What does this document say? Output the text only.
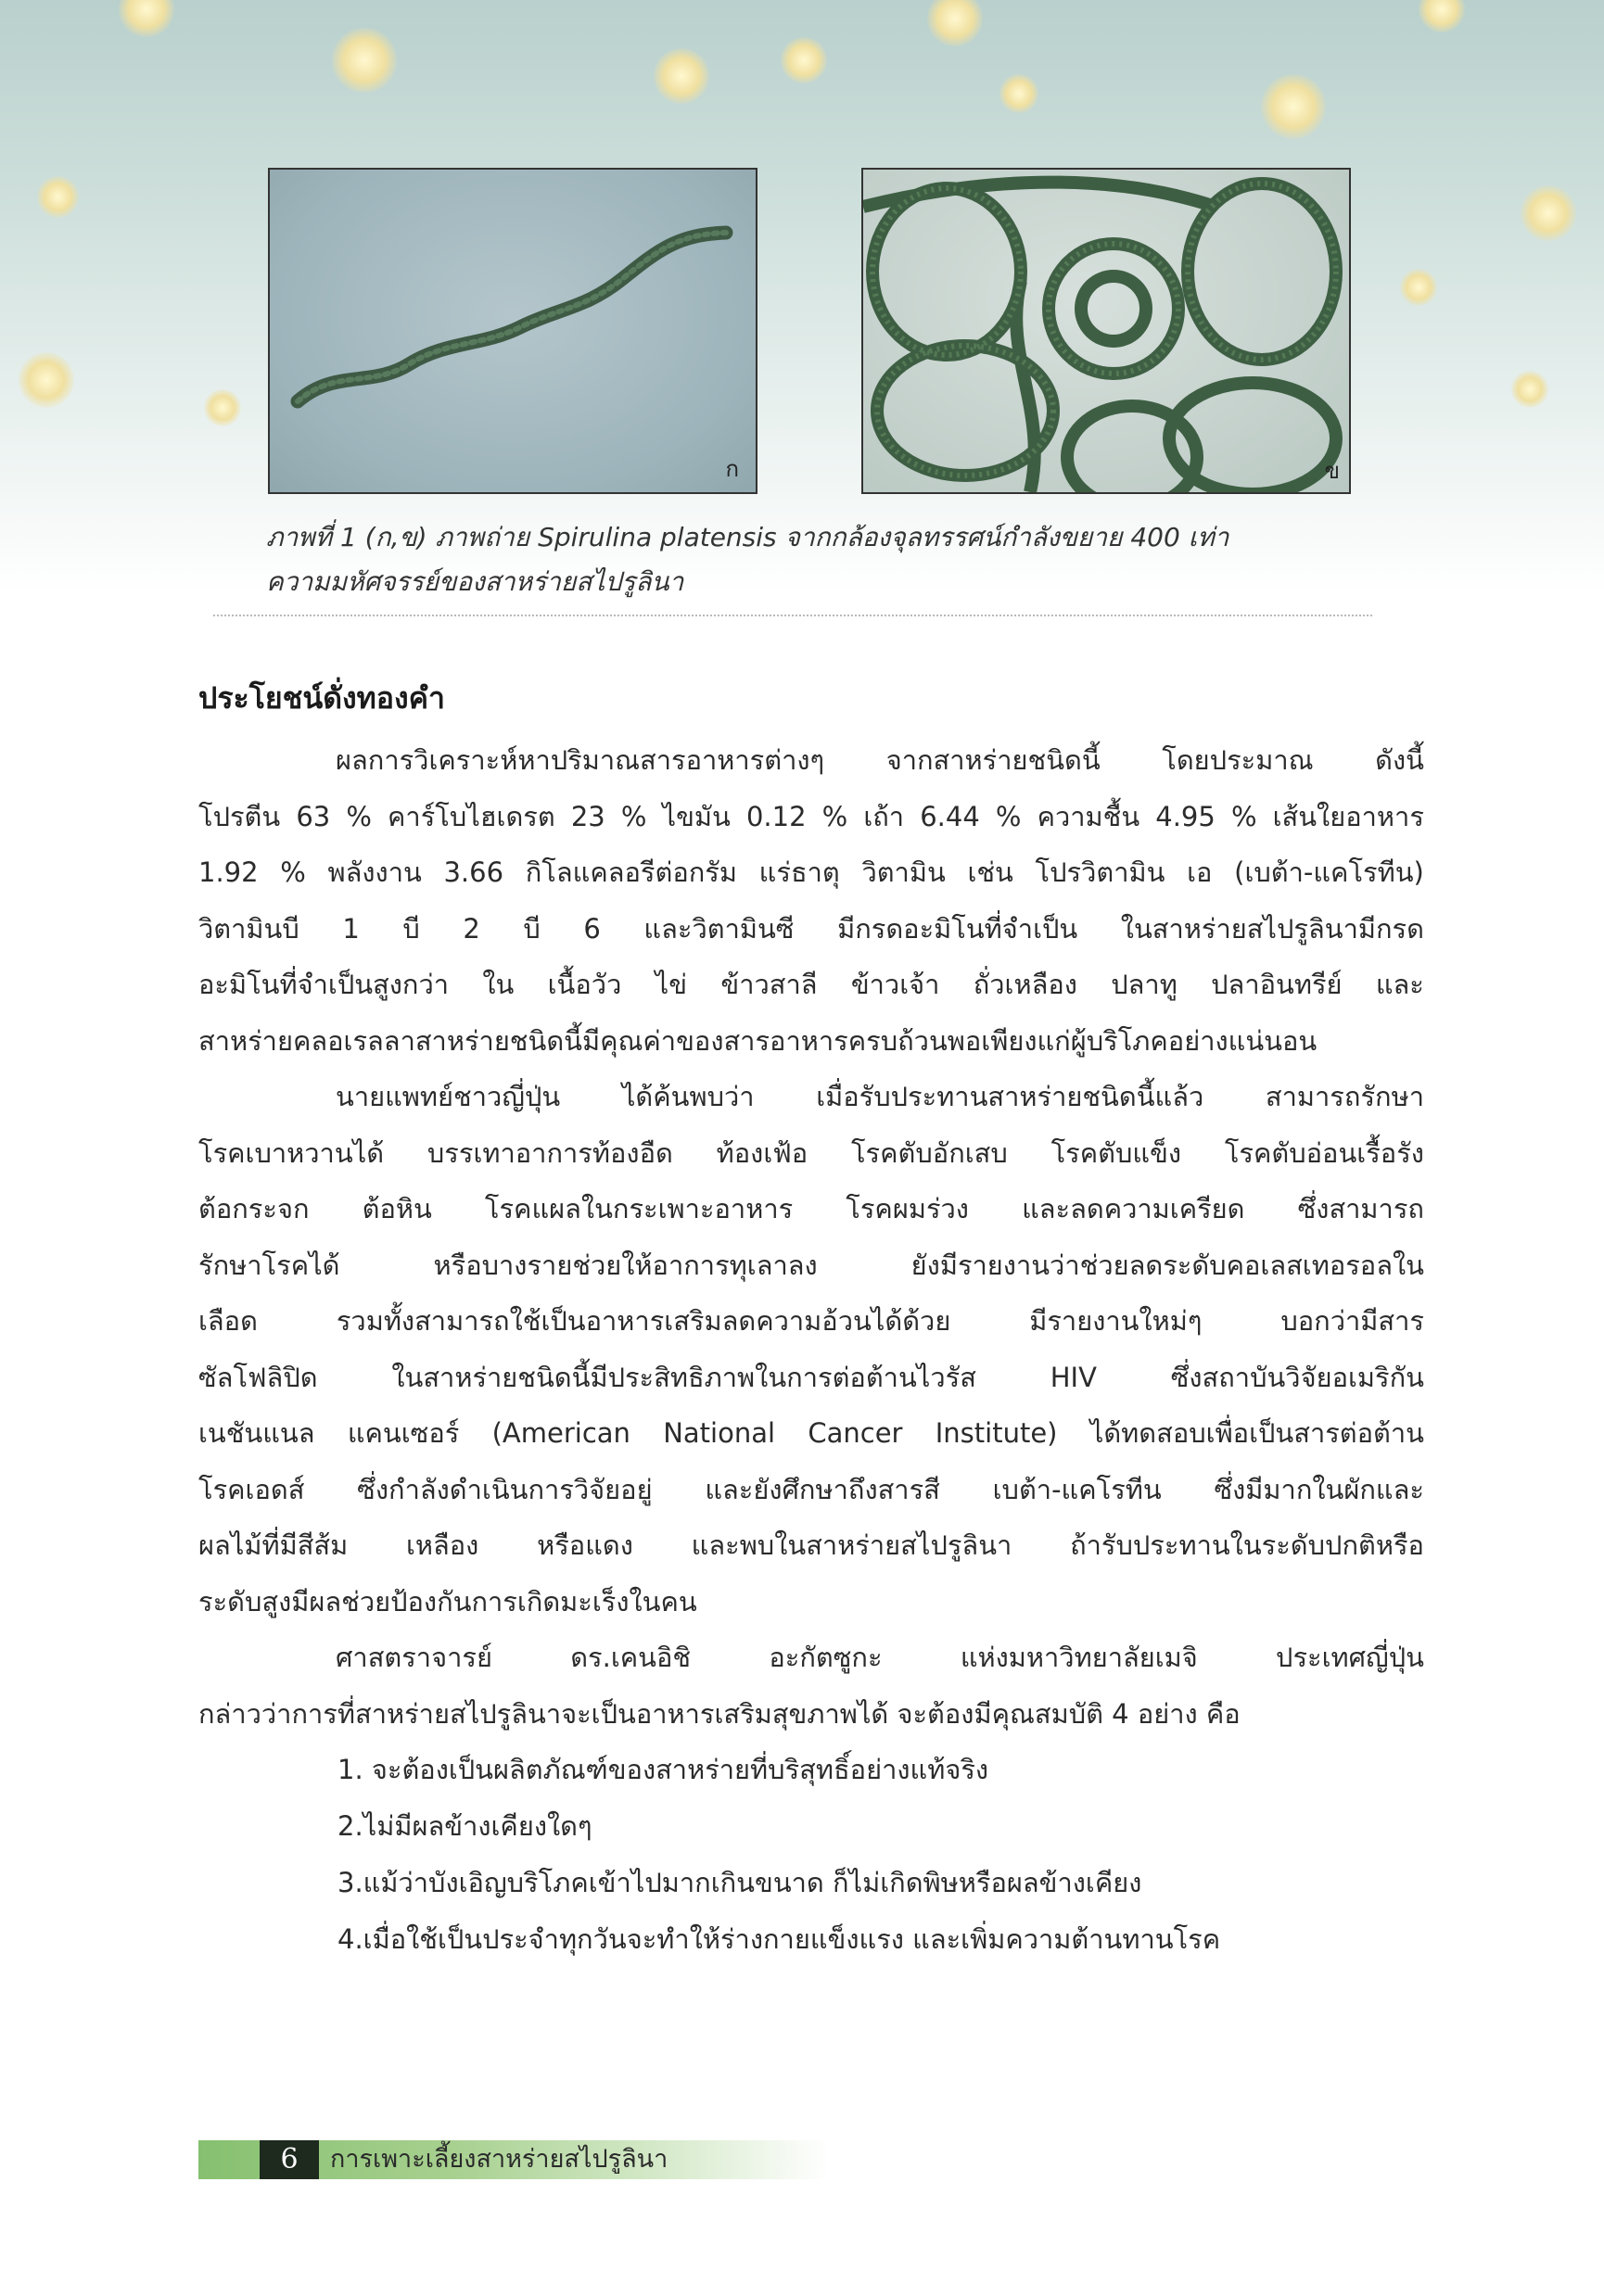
ก	ข
ภาพที่ 1 (ก,ข) ภาพถ่าย Spirulina platensis จากกล้องจุลทรรศน์กำลังขยาย 400 เท่า
ความมหัศจรรย์ของสาหร่ายสไปรูลินา
ประโยชน์ดั่งทองคำ
ผลการวิเคราะห์หาปริมาณสารอาหารต่างๆ จากสาหร่ายชนิดนี้ โดยประมาณ ดังนี้
โปรตีน 63 % คาร์โบไฮเดรต 23 % ไขมัน 0.12 % เถ้า 6.44 % ความชื้น 4.95 % เส้นใยอาหาร
1.92 % พลังงาน 3.66 กิโลแคลอรีต่อกรัม แร่ธาตุ วิตามิน เช่น โปรวิตามิน เอ (เบต้า-แคโรทีน)
วิตามินบี 1 บี 2 บี 6 และวิตามินซี มีกรดอะมิโนที่จำเป็น ในสาหร่ายสไปรูลินามีกรด
อะมิโนที่จำเป็นสูงกว่า ใน เนื้อวัว ไข่ ข้าวสาลี ข้าวเจ้า ถั่วเหลือง ปลาทู ปลาอินทรีย์ และ
สาหร่ายคลอเรลลาสาหร่ายชนิดนี้มีคุณค่าของสารอาหารครบถ้วนพอเพียงแก่ผู้บริโภคอย่างแน่นอน
นายแพทย์ชาวญี่ปุ่น ได้ค้นพบว่า เมื่อรับประทานสาหร่ายชนิดนี้แล้ว สามารถรักษา
โรคเบาหวานได้ บรรเทาอาการท้องอืด ท้องเฟ้อ โรคตับอักเสบ โรคตับแข็ง โรคตับอ่อนเรื้อรัง
ต้อกระจก ต้อหิน โรคแผลในกระเพาะอาหาร โรคผมร่วง และลดความเครียด ซึ่งสามารถ
รักษาโรคได้	หรือบางรายช่วยให้อาการทุเลาลง	ยังมีรายงานว่าช่วยลดระดับคอเลสเทอรอลใน
เลือด	รวมทั้งสามารถใช้เป็นอาหารเสริมลดความอ้วนได้ด้วย	มีรายงานใหม่ๆ	บอกว่ามีสาร
ซัลโฟลิปิด	ในสาหร่ายชนิดนี้มีประสิทธิภาพในการต่อต้านไวรัส	HIV	ซึ่งสถาบันวิจัยอเมริกัน
เนชันแนล แคนเซอร์ (American National Cancer Institute) ได้ทดสอบเพื่อเป็นสารต่อต้าน
โรคเอดส์ ซึ่งกำลังดำเนินการวิจัยอยู่ และยังศึกษาถึงสารสี เบต้า-แคโรทีน ซึ่งมีมากในผักและ
ผลไม้ที่มีสีส้ม เหลือง หรือแดง และพบในสาหร่ายสไปรูลินา ถ้ารับประทานในระดับปกติหรือ
ระดับสูงมีผลช่วยป้องกันการเกิดมะเร็งในคน
ศาสตราจารย์	ดร.เคนอิชิ	อะกัตซูกะ	แห่งมหาวิทยาลัยเมจิ	ประเทศญี่ปุ่น
กล่าวว่าการที่สาหร่ายสไปรูลินาจะเป็นอาหารเสริมสุขภาพได้ จะต้องมีคุณสมบัติ 4 อย่าง คือ
1. จะต้องเป็นผลิตภัณฑ์ของสาหร่ายที่บริสุทธิ์อย่างแท้จริง
2.ไม่มีผลข้างเคียงใดๆ
3.แม้ว่าบังเอิญบริโภคเข้าไปมากเกินขนาด ก็ไม่เกิดพิษหรือผลข้างเคียง
4.เมื่อใช้เป็นประจำทุกวันจะทำให้ร่างกายแข็งแรง และเพิ่มความต้านทานโรค
6	การเพาะเลี้ยงสาหร่ายสไปรูลินา
